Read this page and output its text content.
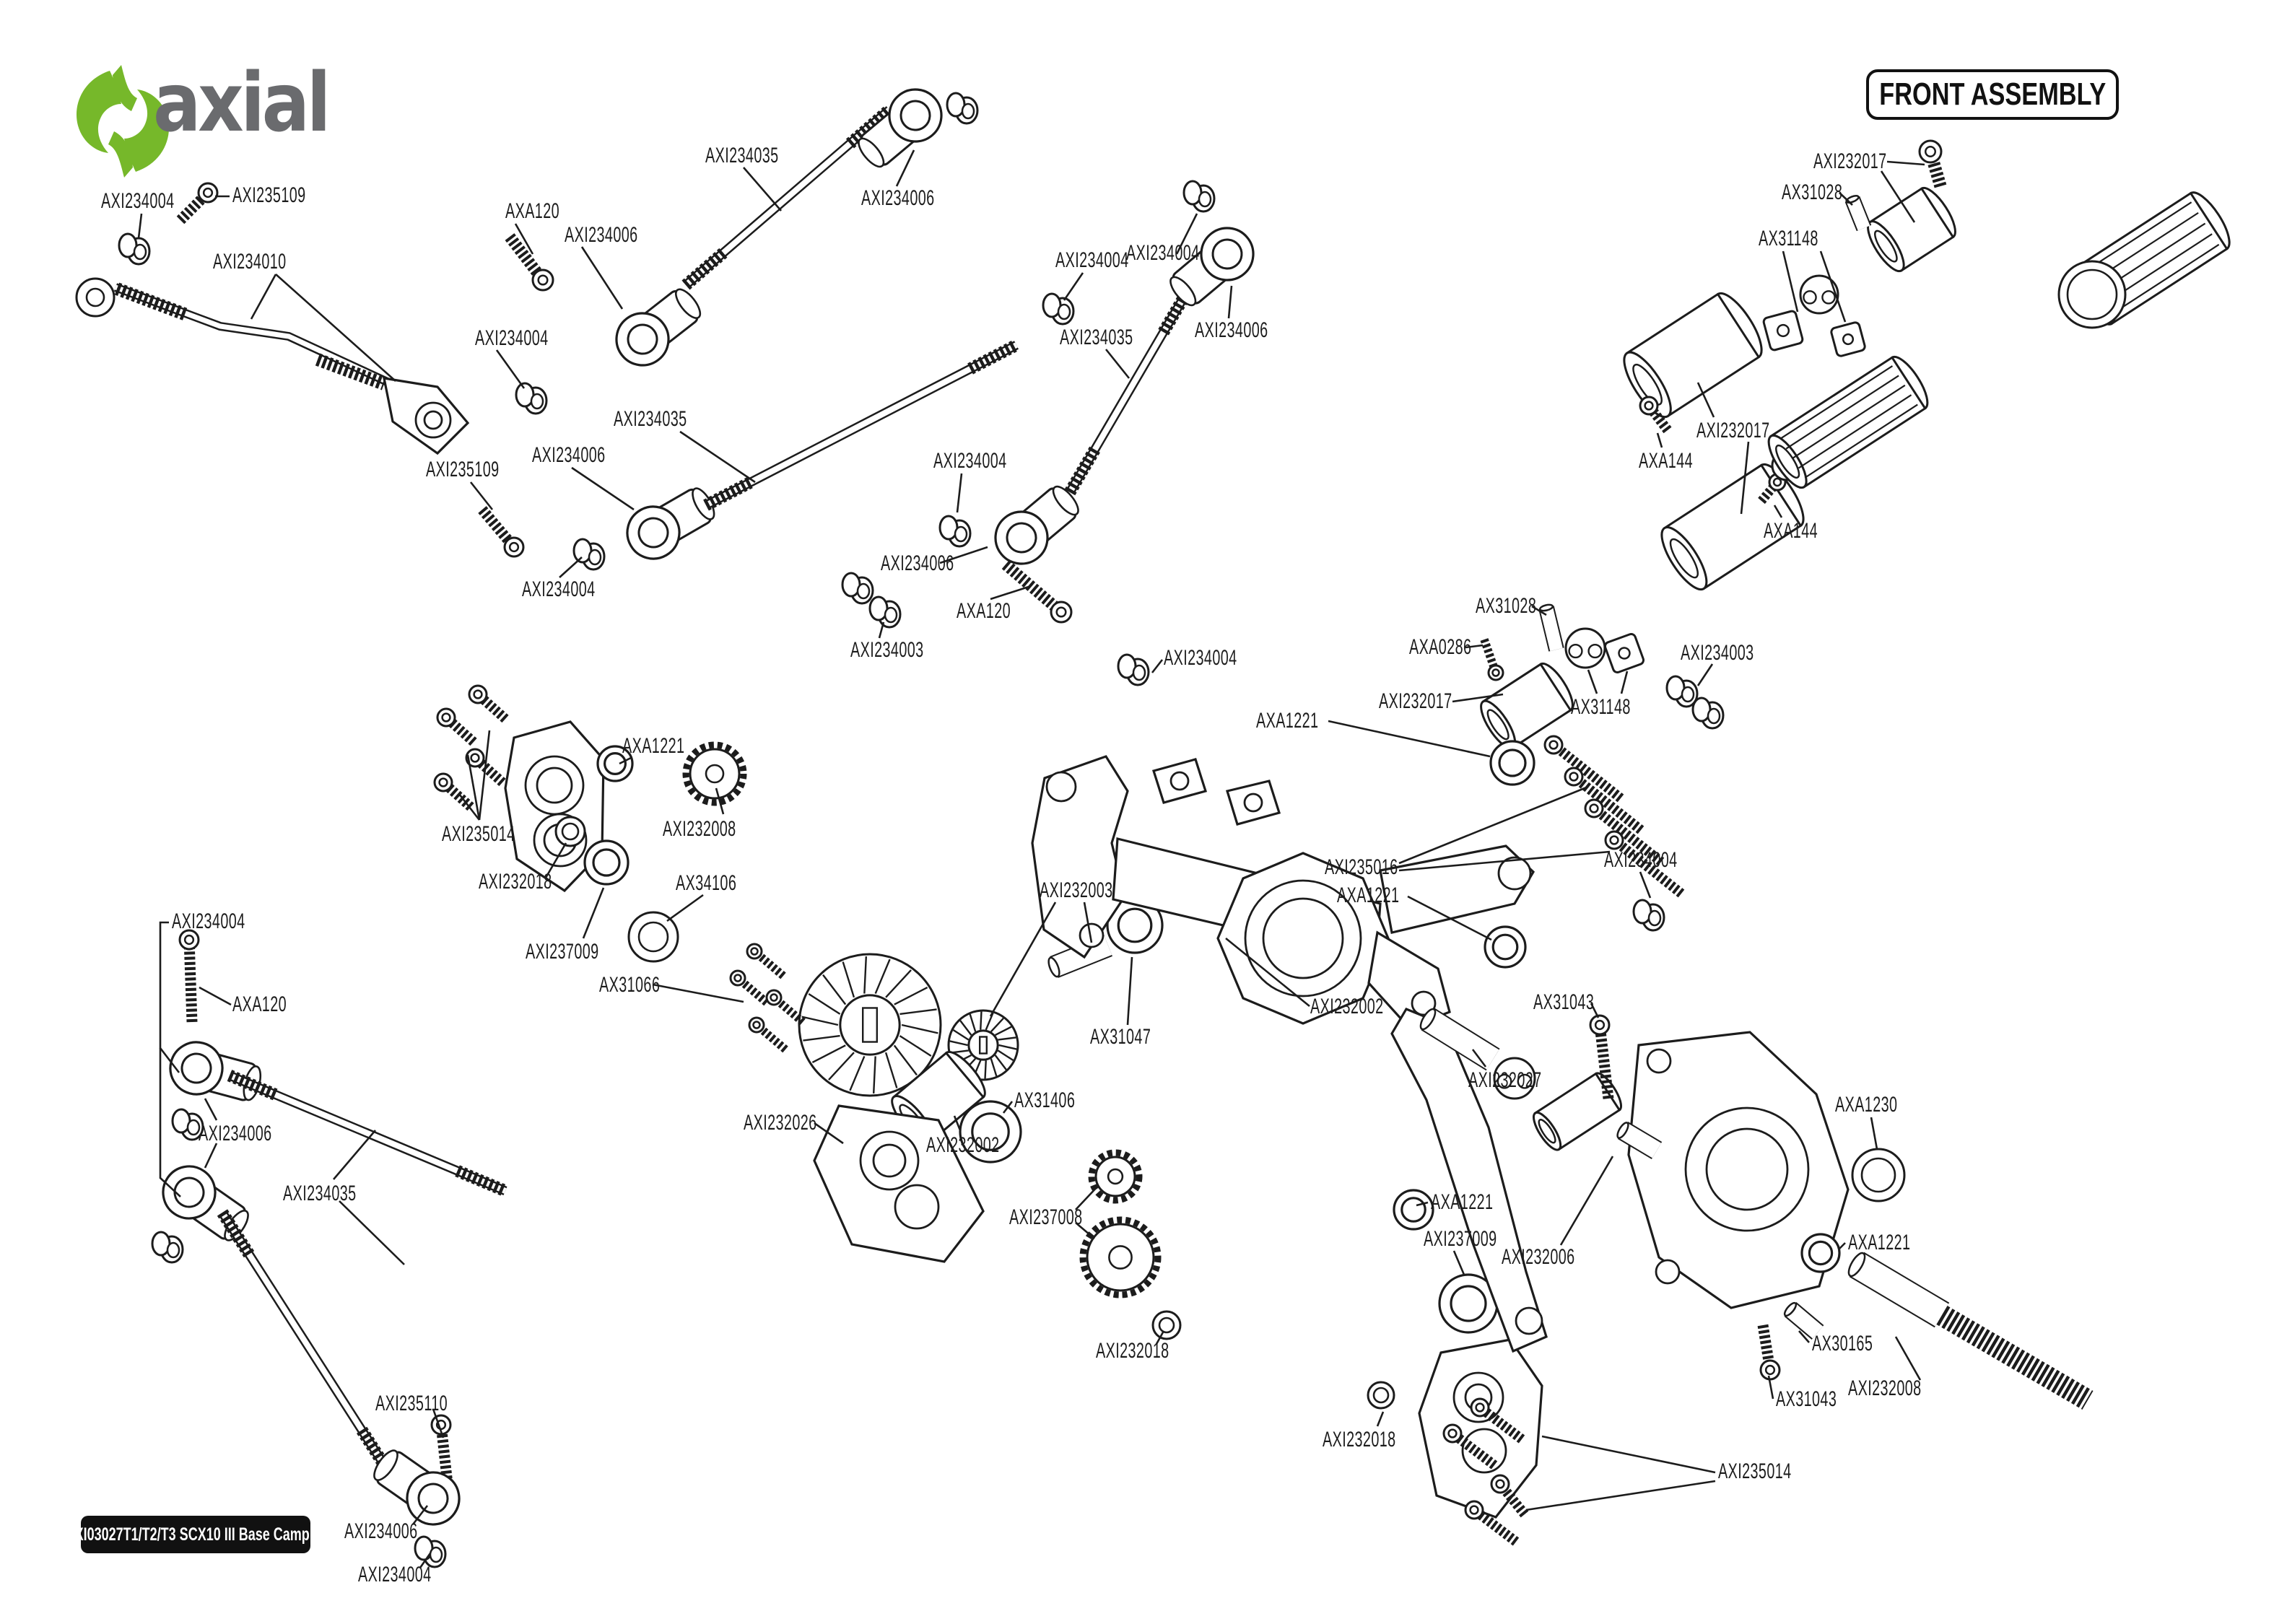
axial	FRONT ASSEMBLY
C-AXI03027T1/T2/T3 SCX10 III Base Camp RTR
AXI234004	AXI235109
AXA120
AXI234006
AXI234010
AXI234004
AXI234035
AXI234006
AXI234004
AXI234004
AXI234035	AXI234006
AXI235109
AXI234006
AXI234035
AXI234004
AXI234003
AXA120
AXI234004
AXI234006
AXI234004	AXA0286
AX31028
AXI232017	AX31148
AXI234003
AXA144
AXI232017
AXA144
AXI232017
AX31028
AX31148
AXA1221
AXI235014	AXI232008
AXI232018
AXI237009
AX34106
AX31066
AXI232003
AX31047
AX31406
AXI232002
AXI232026
AXI237008
AXI232018
AXI232002
AXA1221
AXI235016
AXA1221
AXI234004
AX31043
AXI232027
AXA1230
AXA1221
AXA1221
AXI237009
AXI232006
AX30165
AX31043 AXI232008
AXI235014
AXI232018
AXI234004
AXA120
AXI234006
AXI234035
AXI235110
AXI234006
AXI234004
